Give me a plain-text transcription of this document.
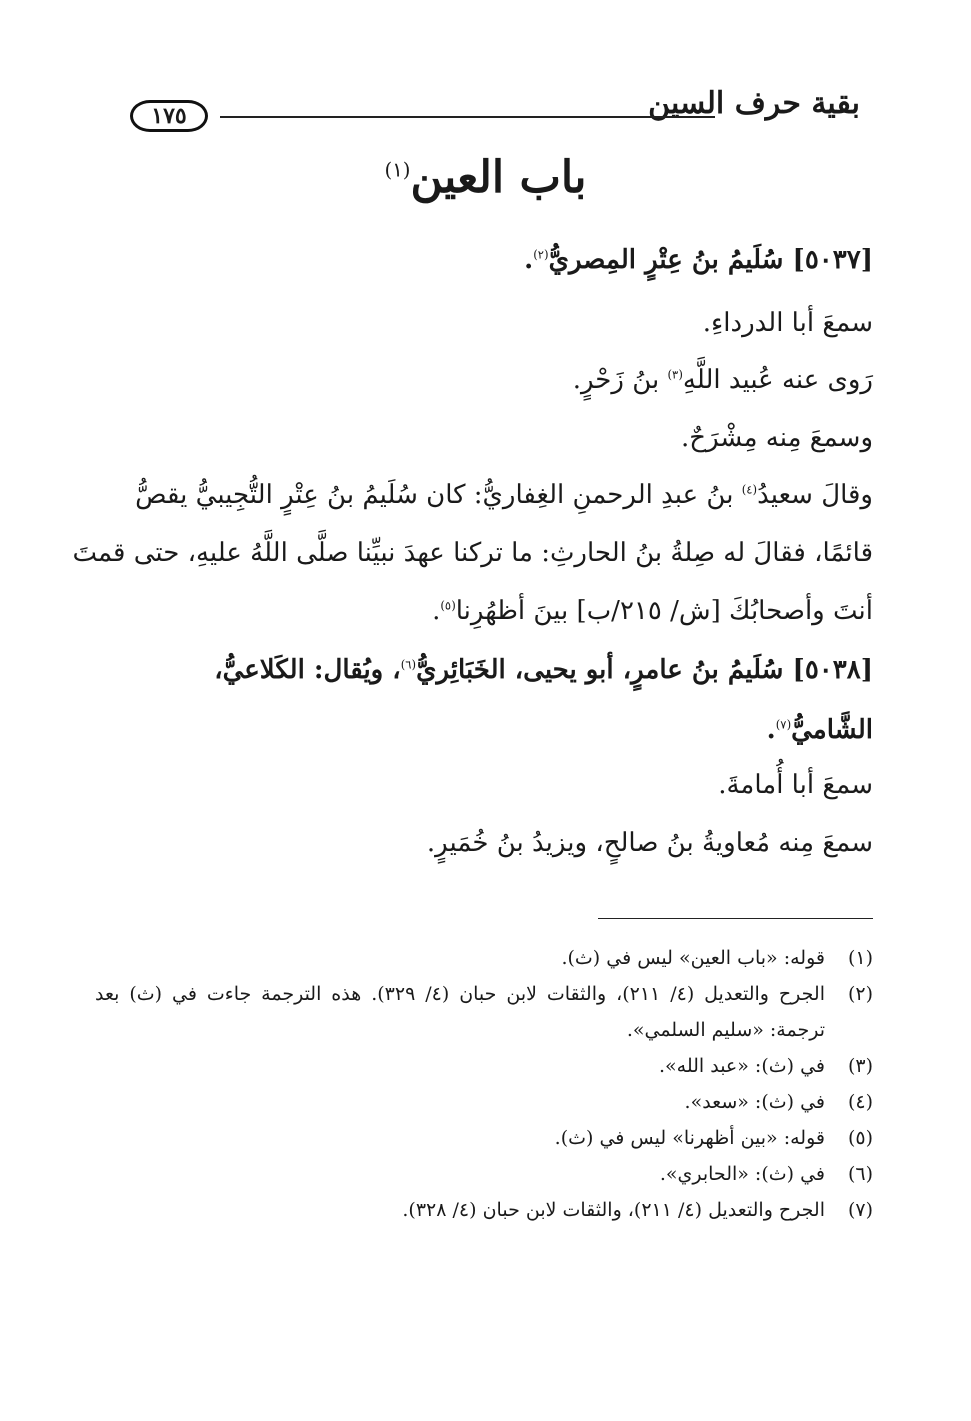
بقية حرف السين
١٧٥
باب العين$^{(١)}$
[٥٠٣٧] سُلَيمُ بنُ عِتْرٍ المِصريُّ$^{(٢)}$.
سمعَ أبا الدرداءِ.
رَوى عنه عُبيد اللَّهِ$^{(٣)}$ بنُ زَحْرٍ.
وسمعَ مِنه مِشْرَحٌ.
وقالَ سعيدُ$^{(٤)}$ بنُ عبدِ الرحمنِ الغِفاريُّ: كان سُلَيمُ بنُ عِتْرٍ التُّجِيبيُّ يقصُّ
قائمًا، فقالَ له صِلةُ بنُ الحارثِ: ما تركنا عهدَ نبيِّنا صلَّى اللَّهُ عليهِ، حتى قمتَ
أنتَ وأصحابُكَ [ش/ ٢١٥/ب] بينَ أظهُرِنا$^{(٥)}$.
[٥٠٣٨] سُلَيمُ بنُ عامرٍ، أبو يحيى، الخَبَائِريُّ$^{(٦)}$، ويُقال: الكَلاعيُّ،
الشَّاميُّ$^{(٧)}$.
سمعَ أبا أُمامةَ.
سمعَ مِنه مُعاويةُ بنُ صالحٍ، ويزيدُ بنُ خُمَيرٍ.
(١)
قوله: «باب العين» ليس في (ث).
(٢)
الجرح والتعديل (٤/ ٢١١)، والثقات لابن حبان (٤/ ٣٢٩). هذه الترجمة جاءت في (ث) بعد ترجمة: «سليم السلمي».
(٣)
في (ث): «عبد الله».
(٤)
في (ث): «سعد».
(٥)
قوله: «بين أظهرنا» ليس في (ث).
(٦)
في (ث): «الحابري».
(٧)
الجرح والتعديل (٤/ ٢١١)، والثقات لابن حبان (٤/ ٣٢٨).
